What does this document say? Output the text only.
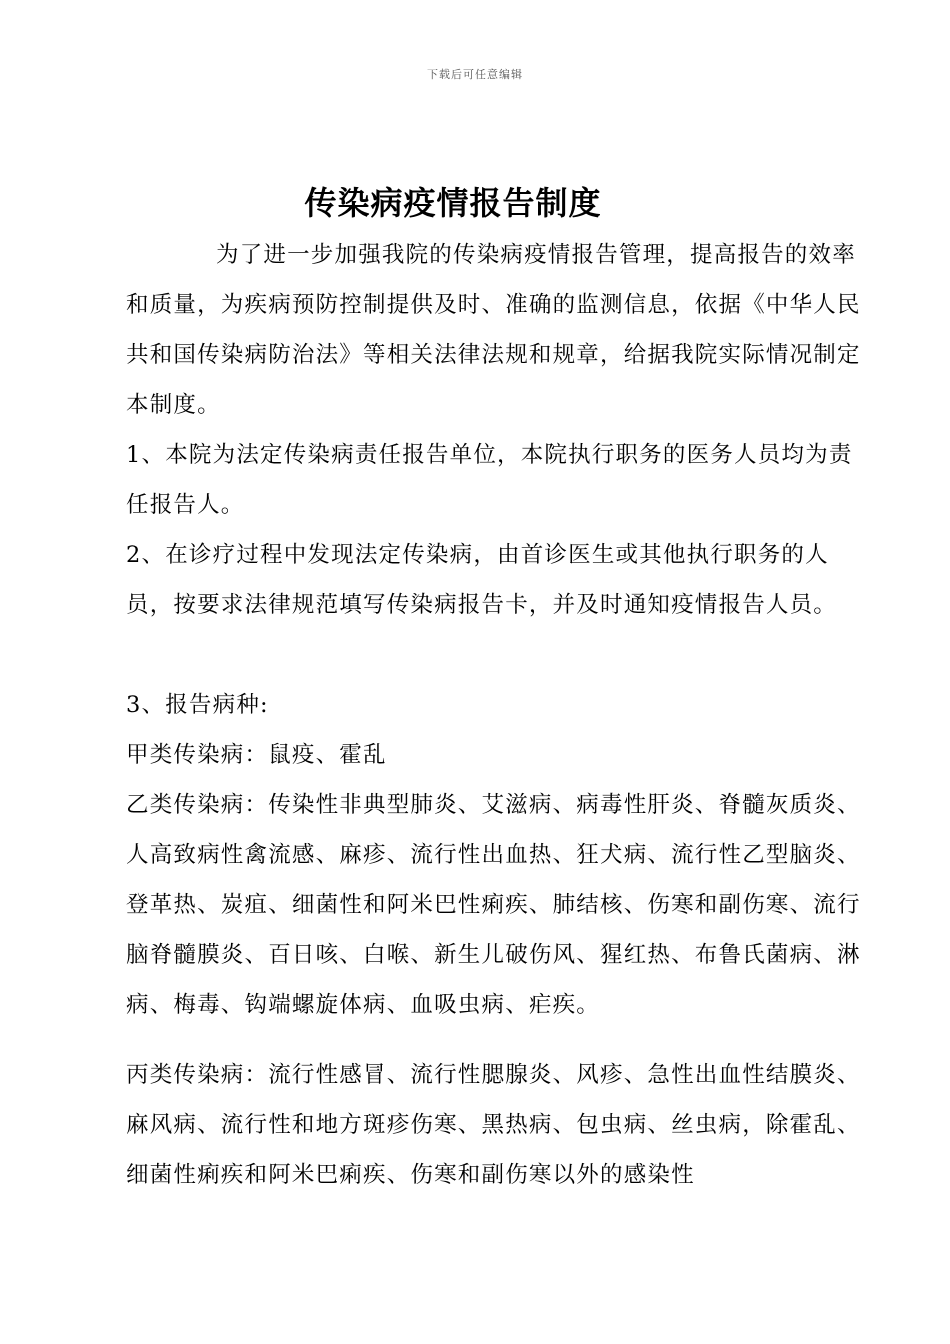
下载后可任意编辑
传染病疫情报告制度

为了进一步加强我院的传染病疫情报告管理，提高报告的效率和质量，为疾病预防控制提供及时、准确的监测信息，依据《中华人民共和国传染病防治法》等相关法律法规和规章，给据我院实际情况制定本制度。

1、本院为法定传染病责任报告单位，本院执行职务的医务人员均为责任报告人。

2、在诊疗过程中发现法定传染病，由首诊医生或其他执行职务的人员，按要求法律规范填写传染病报告卡，并及时通知疫情报告人员。

3、报告病种:

甲类传染病：鼠疫、霍乱

乙类传染病：传染性非典型肺炎、艾滋病、病毒性肝炎、脊髓灰质炎、人高致病性禽流感、麻疹、流行性出血热、狂犬病、流行性乙型脑炎、登革热、炭疽、细菌性和阿米巴性痢疾、肺结核、伤寒和副伤寒、流行脑脊髓膜炎、百日咳、白喉、新生儿破伤风、猩红热、布鲁氏菌病、淋病、梅毒、钩端螺旋体病、血吸虫病、疟疾。

丙类传染病：流行性感冒、流行性腮腺炎、风疹、急性出血性结膜炎、麻风病、流行性和地方斑疹伤寒、黑热病、包虫病、丝虫病，除霍乱、细菌性痢疾和阿米巴痢疾、伤寒和副伤寒以外的感染性
